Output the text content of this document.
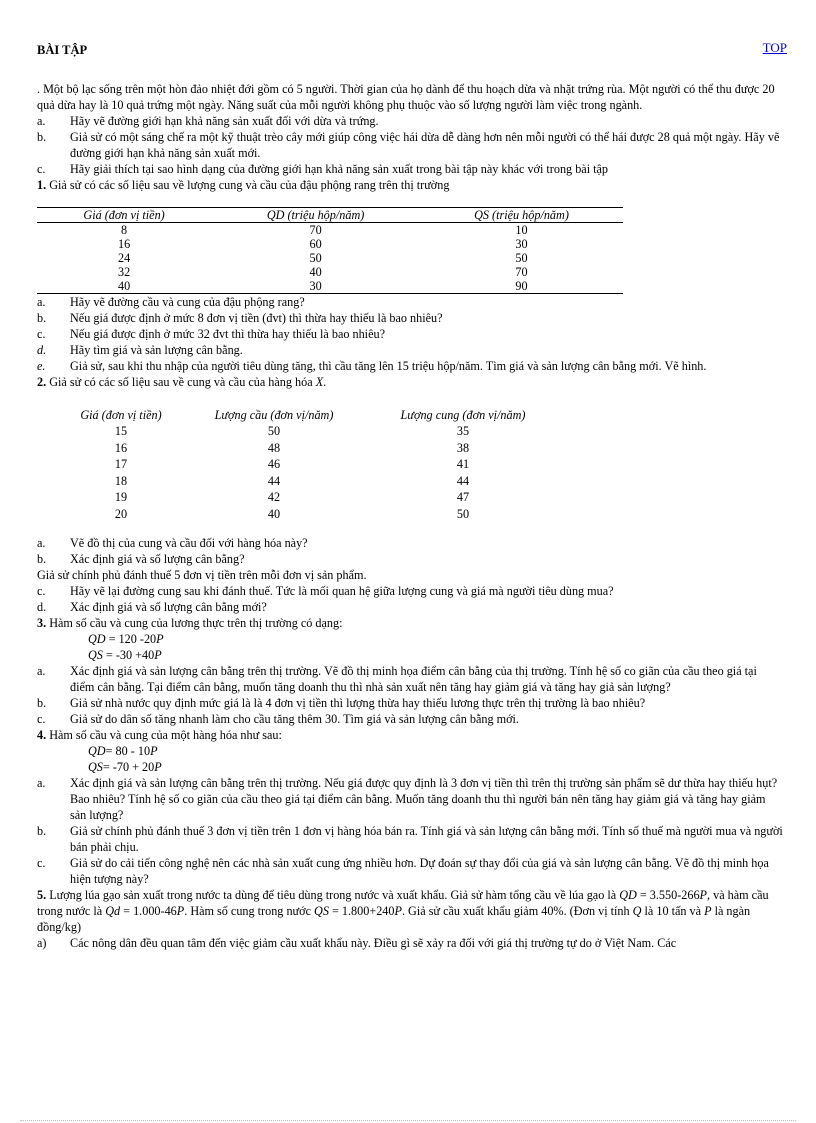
BÀI TẬP	TOP

. Một bộ lạc sống trên một hòn đảo nhiệt đới gồm có 5 người. Thời gian của họ dành để thu hoạch dừa và nhặt trứng rùa. Một người có thể thu được 20 quả dừa hay là 10 quả trứng một ngày. Năng suất của mỗi người không phụ thuộc vào số lượng người làm việc trong ngành.

a.	Hãy vẽ đường giới hạn khả năng sản xuất đối với dừa và trứng.
b.	Giả sử có một sáng chế ra một kỹ thuật trèo cây mới giúp công việc hái dừa dễ dàng hơn nên mỗi người có thể hái được 28 quả một ngày. Hãy vẽ đường giới hạn khả năng sản xuất mới.
c.	Hãy giải thích tại sao hình dạng của đường giới hạn khả năng sản xuất trong bài tập này khác với trong bài tập

1. Giả sử có các số liệu sau về lượng cung và cầu của đậu phộng rang trên thị trường

Giá (đơn vị tiền)	QD (triệu hộp/năm)	QS (triệu hộp/năm)
8	70	10
16	60	30
24	50	50
32	40	70
40	30	90
a.	Hãy vẽ đường cầu và cung của đậu phộng rang?
b.	Nếu giá được định ở mức 8 đơn vị tiền (đvt) thì thừa hay thiếu là bao nhiêu?
c.	Nếu giá được định ở mức 32 đvt thì thừa hay thiếu là bao nhiêu?
d.	Hãy tìm giá và sản lượng cân bằng.
e.	Giả sử, sau khi thu nhập của người tiêu dùng tăng, thì cầu tăng lên 15 triệu hộp/năm. Tìm giá và sản lượng cân bằng mới. Vẽ hình.

2. Giả sử có các số liệu sau về cung và cầu của hàng hóa X.

Giá (đơn vị tiền)	Lượng cầu (đơn vị/năm)	Lượng cung (đơn vị/năm)
15	50	35
16	48	38
17	46	41
18	44	44
19	42	47
20	40	50
a.	Vẽ đồ thị của cung và cầu đối với hàng hóa này?
b.	Xác định giá và số lượng cân bằng?

Giả sử chính phủ đánh thuế 5 đơn vị tiền trên mỗi đơn vị sản phẩm.

c.	Hãy vẽ lại đường cung sau khi đánh thuế. Tức là mối quan hệ giữa lượng cung và giá mà người tiêu dùng mua?
d.	Xác định giá và số lượng cân bằng mới?

3. Hàm số cầu và cung của lương thực trên thị trường có dạng:

QD = 120 -20P

QS = -30 +40P

a.	Xác định giá và sản lượng cân bằng trên thị trường. Vẽ đồ thị minh họa điểm cân bằng của thị trường. Tính hệ số co giãn của cầu theo giá tại điểm cân bằng. Tại điểm cân bằng, muốn tăng doanh thu thì nhà sản xuất nên tăng hay giảm giá và tăng hay giả sản lượng?
b.	Giả sử nhà nước quy định mức giá là là 4 đơn vị tiền thì lượng thừa hay thiếu lương thực trên thị trường là bao nhiêu?
c.	Giả sử do dân số tăng nhanh làm cho cầu tăng thêm 30. Tìm giá và sản lượng cân bằng mới.

4. Hàm số cầu và cung của một hàng hóa như sau:

QD= 80 - 10P

QS= -70 + 20P

a.	Xác định giá và sản lượng cân bằng trên thị trường. Nếu giá được quy định là 3 đơn vị tiền thì trên thị trường sản phẩm sẽ dư thừa hay thiếu hụt? Bao nhiêu? Tính hệ số co giãn của cầu theo giá tại điểm cân bằng. Muốn tăng doanh thu thì người bán nên tăng hay giảm giá và tăng hay giảm sản lượng?
b.	Giả sử chính phủ đánh thuế 3 đơn vị tiền trên 1 đơn vị hàng hóa bán ra. Tính giá và sản lượng cân bằng mới. Tính số thuế mà người mua và người bán phải chịu.
c.	Giả sử do cải tiến công nghệ nên các nhà sản xuất cung ứng nhiều hơn. Dự đoán sự thay đổi của giá và sản lượng cân bằng. Vẽ đồ thị minh họa hiện tượng này?

5. Lượng lúa gạo sản xuất trong nước ta dùng để tiêu dùng trong nước và xuất khẩu. Giả sử hàm tổng cầu về lúa gạo là QD = 3.550-266P, và hàm cầu trong nước là Qd = 1.000-46P. Hàm số cung trong nước QS = 1.800+240P. Giả sử cầu xuất khẩu giảm 40%. (Đơn vị tính Q là 10 tấn và P là ngàn đồng/kg)

a)	Các nông dân đều quan tâm đến việc giảm cầu xuất khẩu này. Điều gì sẽ xảy ra đối với giá thị trường tự do ở Việt Nam. Các
